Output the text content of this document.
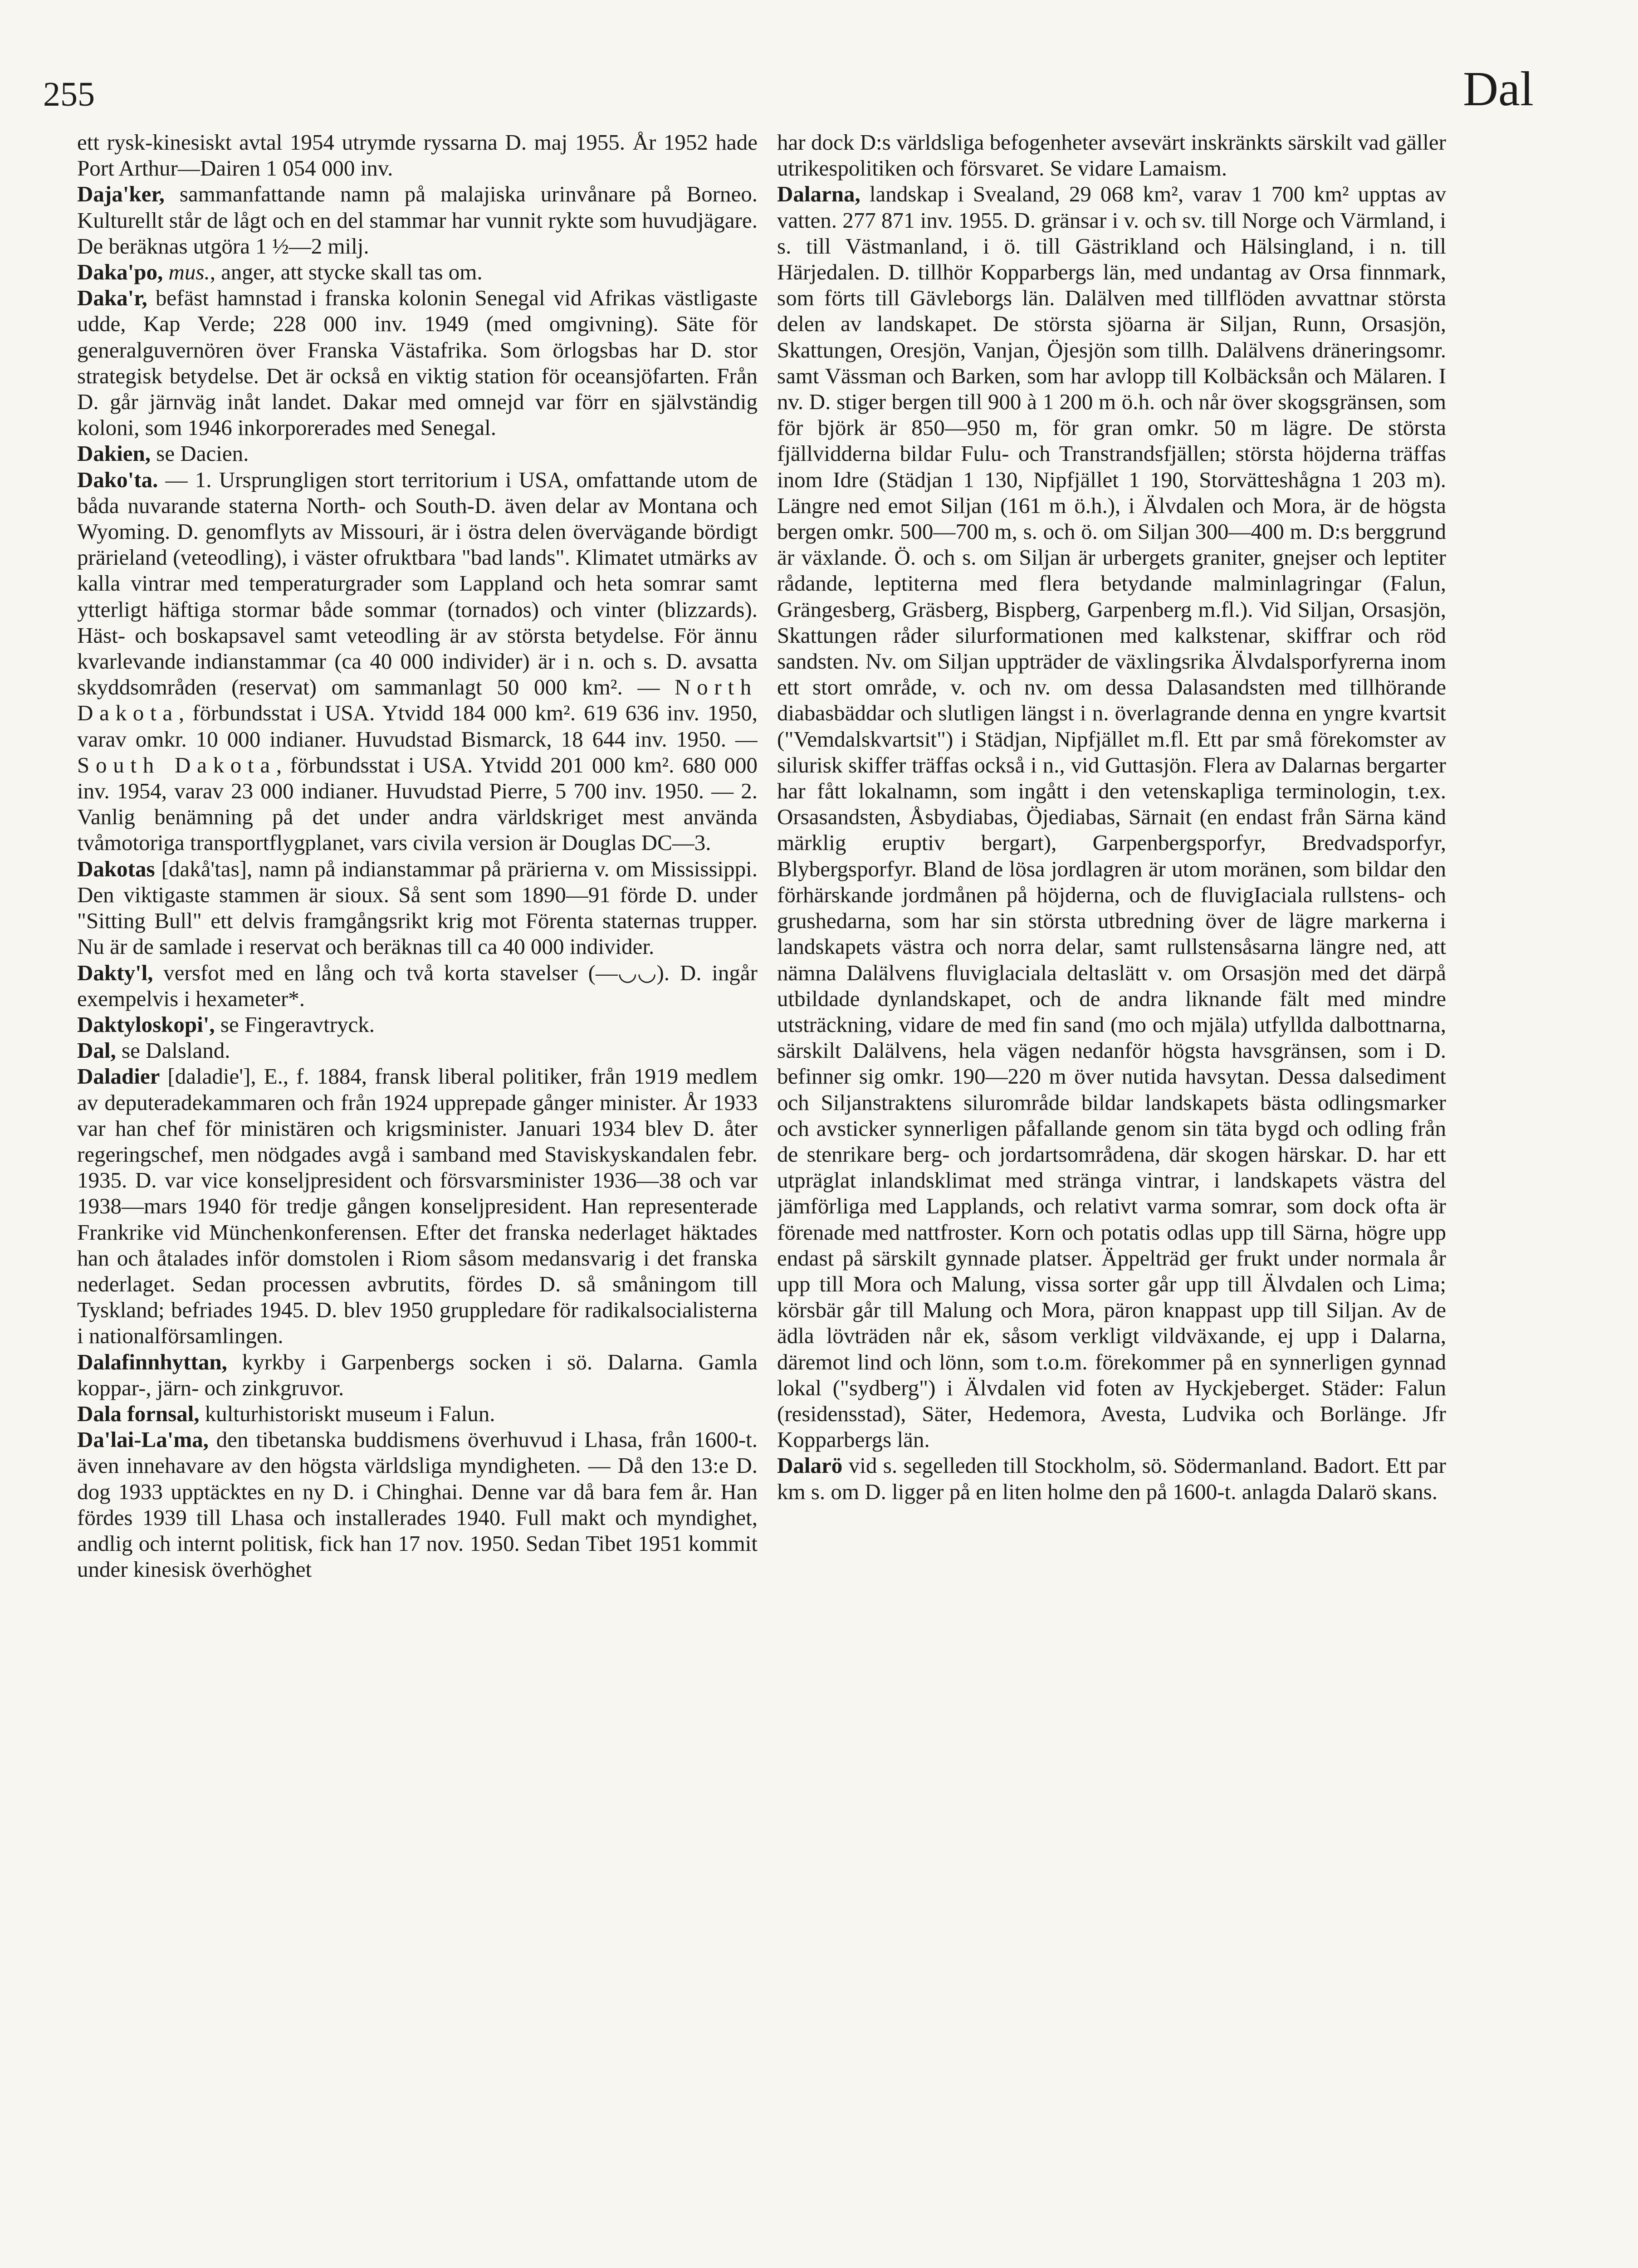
255	Dal

ett rysk-kinesiskt avtal 1954 utrymde ryssarna D. maj 1955. År 1952 hade Port Arthur—Dairen 1 054 000 inv.

Daja'ker, sammanfattande namn på malajiska urinvånare på Borneo. Kulturellt står de lågt och en del stammar har vunnit rykte som huvudjägare. De beräknas utgöra 1 ½—2 milj.

Daka'po, mus., anger, att stycke skall tas om.

Daka'r, befäst hamnstad i franska kolonin Senegal vid Afrikas västligaste udde, Kap Verde; 228 000 inv. 1949 (med omgivning). Säte för generalguvernören över Franska Västafrika. Som örlogsbas har D. stor strategisk betydelse. Det är också en viktig station för oceansjöfarten. Från D. går järnväg inåt landet. Dakar med omnejd var förr en självständig koloni, som 1946 inkorporerades med Senegal.

Dakien, se Dacien.

Dako'ta. — 1. Ursprungligen stort territorium i USA, omfattande utom de båda nuvarande staterna North- och South-D. även delar av Montana och Wyoming. D. genomflyts av Missouri, är i östra delen övervägande bördigt prärieland (veteodling), i väster ofruktbara "bad lands". Klimatet utmärks av kalla vintrar med temperaturgrader som Lappland och heta somrar samt ytterligt häftiga stormar både sommar (tornados) och vinter (blizzards). Häst- och boskapsavel samt veteodling är av största betydelse. För ännu kvarlevande indianstammar (ca 40 000 individer) är i n. och s. D. avsatta skyddsområden (reservat) om sammanlagt 50 000 km². — North Dakota, förbundsstat i USA. Ytvidd 184 000 km². 619 636 inv. 1950, varav omkr. 10 000 indianer. Huvudstad Bismarck, 18 644 inv. 1950. — South Dakota, förbundsstat i USA. Ytvidd 201 000 km². 680 000 inv. 1954, varav 23 000 indianer. Huvudstad Pierre, 5 700 inv. 1950. — 2. Vanlig benämning på det under andra världskriget mest använda tvåmotoriga transportflygplanet, vars civila version är Douglas DC—3.

Dakotas [dakå'tas], namn på indianstammar på prärierna v. om Mississippi. Den viktigaste stammen är sioux. Så sent som 1890—91 förde D. under "Sitting Bull" ett delvis framgångsrikt krig mot Förenta staternas trupper. Nu är de samlade i reservat och beräknas till ca 40 000 individer.

Dakty'l, versfot med en lång och två korta stavelser (—◡◡). D. ingår exempelvis i hexameter*.

Daktyloskopi', se Fingeravtryck.

Dal, se Dalsland.

Daladier [daladie'], E., f. 1884, fransk liberal politiker, från 1919 medlem av deputeradekammaren och från 1924 upprepade gånger minister. År 1933 var han chef för ministären och krigsminister. Januari 1934 blev D. åter regeringschef, men nödgades avgå i samband med Staviskyskandalen febr. 1935. D. var vice konseljpresident och försvarsminister 1936—38 och var 1938—mars 1940 för tredje gången konseljpresident. Han representerade Frankrike vid Münchenkonferensen. Efter det franska nederlaget häktades han och åtalades inför domstolen i Riom såsom medansvarig i det franska nederlaget. Sedan processen avbrutits, fördes D. så småningom till Tyskland; befriades 1945. D. blev 1950 gruppledare för radikalsocialisterna i nationalförsamlingen.

Dalafinnhyttan, kyrkby i Garpenbergs socken i sö. Dalarna. Gamla koppar-, järn- och zinkgruvor.

Dala fornsal, kulturhistoriskt museum i Falun.

Da'lai-La'ma, den tibetanska buddismens överhuvud i Lhasa, från 1600-t. även innehavare av den högsta världsliga myndigheten. — Då den 13:e D. dog 1933 upptäcktes en ny D. i Chinghai. Denne var då bara fem år. Han fördes 1939 till Lhasa och installerades 1940. Full makt och myndighet, andlig och internt politisk, fick han 17 nov. 1950. Sedan Tibet 1951 kommit under kinesisk överhöghet

har dock D:s världsliga befogenheter avsevärt inskränkts särskilt vad gäller utrikespolitiken och försvaret. Se vidare Lamaism.

Dalarna, landskap i Svealand, 29 068 km², varav 1 700 km² upptas av vatten. 277 871 inv. 1955. D. gränsar i v. och sv. till Norge och Värmland, i s. till Västmanland, i ö. till Gästrikland och Hälsingland, i n. till Härjedalen. D. tillhör Kopparbergs län, med undantag av Orsa finnmark, som förts till Gävleborgs län. Dalälven med tillflöden avvattnar största delen av landskapet. De största sjöarna är Siljan, Runn, Orsasjön, Skattungen, Oresjön, Vanjan, Öjesjön som tillh. Dalälvens dräneringsomr. samt Vässman och Barken, som har avlopp till Kolbäcksån och Mälaren. I nv. D. stiger bergen till 900 à 1 200 m ö.h. och når över skogsgränsen, som för björk är 850—950 m, för gran omkr. 50 m lägre. De största fjällvidderna bildar Fulu- och Transtrandsfjällen; största höjderna träffas inom Idre (Städjan 1 130, Nipfjället 1 190, Storvätteshågna 1 203 m). Längre ned emot Siljan (161 m ö.h.), i Älvdalen och Mora, är de högsta bergen omkr. 500—700 m, s. och ö. om Siljan 300—400 m. D:s berggrund är växlande. Ö. och s. om Siljan är urbergets graniter, gnejser och leptiter rådande, leptiterna med flera betydande malminlagringar (Falun, Grängesberg, Gräsberg, Bispberg, Garpenberg m.fl.). Vid Siljan, Orsasjön, Skattungen råder silurformationen med kalkstenar, skiffrar och röd sandsten. Nv. om Siljan uppträder de växlingsrika Älvdalsporfyrerna inom ett stort område, v. och nv. om dessa Dalasandsten med tillhörande diabasbäddar och slutligen längst i n. överlagrande denna en yngre kvartsit ("Vemdalskvartsit") i Städjan, Nipfjället m.fl. Ett par små förekomster av silurisk skiffer träffas också i n., vid Guttasjön. Flera av Dalarnas bergarter har fått lokalnamn, som ingått i den vetenskapliga terminologin, t.ex. Orsasandsten, Åsbydiabas, Öjediabas, Särnait (en endast från Särna känd märklig eruptiv bergart), Garpenbergsporfyr, Bredvadsporfyr, Blybergsporfyr. Bland de lösa jordlagren är utom moränen, som bildar den förhärskande jordmånen på höjderna, och de fluvigIaciala rullstens- och grushedarna, som har sin största utbredning över de lägre markerna i landskapets västra och norra delar, samt rullstensåsarna längre ned, att nämna Dalälvens fluviglaciala deltaslätt v. om Orsasjön med det därpå utbildade dynlandskapet, och de andra liknande fält med mindre utsträckning, vidare de med fin sand (mo och mjäla) utfyllda dalbottnarna, särskilt Dalälvens, hela vägen nedanför högsta havsgränsen, som i D. befinner sig omkr. 190—220 m över nutida havsytan. Dessa dalsediment och Siljanstraktens silurområde bildar landskapets bästa odlingsmarker och avsticker synnerligen påfallande genom sin täta bygd och odling från de stenrikare berg- och jordartsområdena, där skogen härskar. D. har ett utpräglat inlandsklimat med stränga vintrar, i landskapets västra del jämförliga med Lapplands, och relativt varma somrar, som dock ofta är förenade med nattfroster. Korn och potatis odlas upp till Särna, högre upp endast på särskilt gynnade platser. Äppelträd ger frukt under normala år upp till Mora och Malung, vissa sorter går upp till Älvdalen och Lima; körsbär går till Malung och Mora, päron knappast upp till Siljan. Av de ädla lövträden når ek, såsom verkligt vildväxande, ej upp i Dalarna, däremot lind och lönn, som t.o.m. förekommer på en synnerligen gynnad lokal ("sydberg") i Älvdalen vid foten av Hyckjeberget. Städer: Falun (residensstad), Säter, Hedemora, Avesta, Ludvika och Borlänge. Jfr Kopparbergs län.

Dalarö vid s. segelleden till Stockholm, sö. Södermanland. Badort. Ett par km s. om D. ligger på en liten holme den på 1600-t. anlagda Dalarö skans.
